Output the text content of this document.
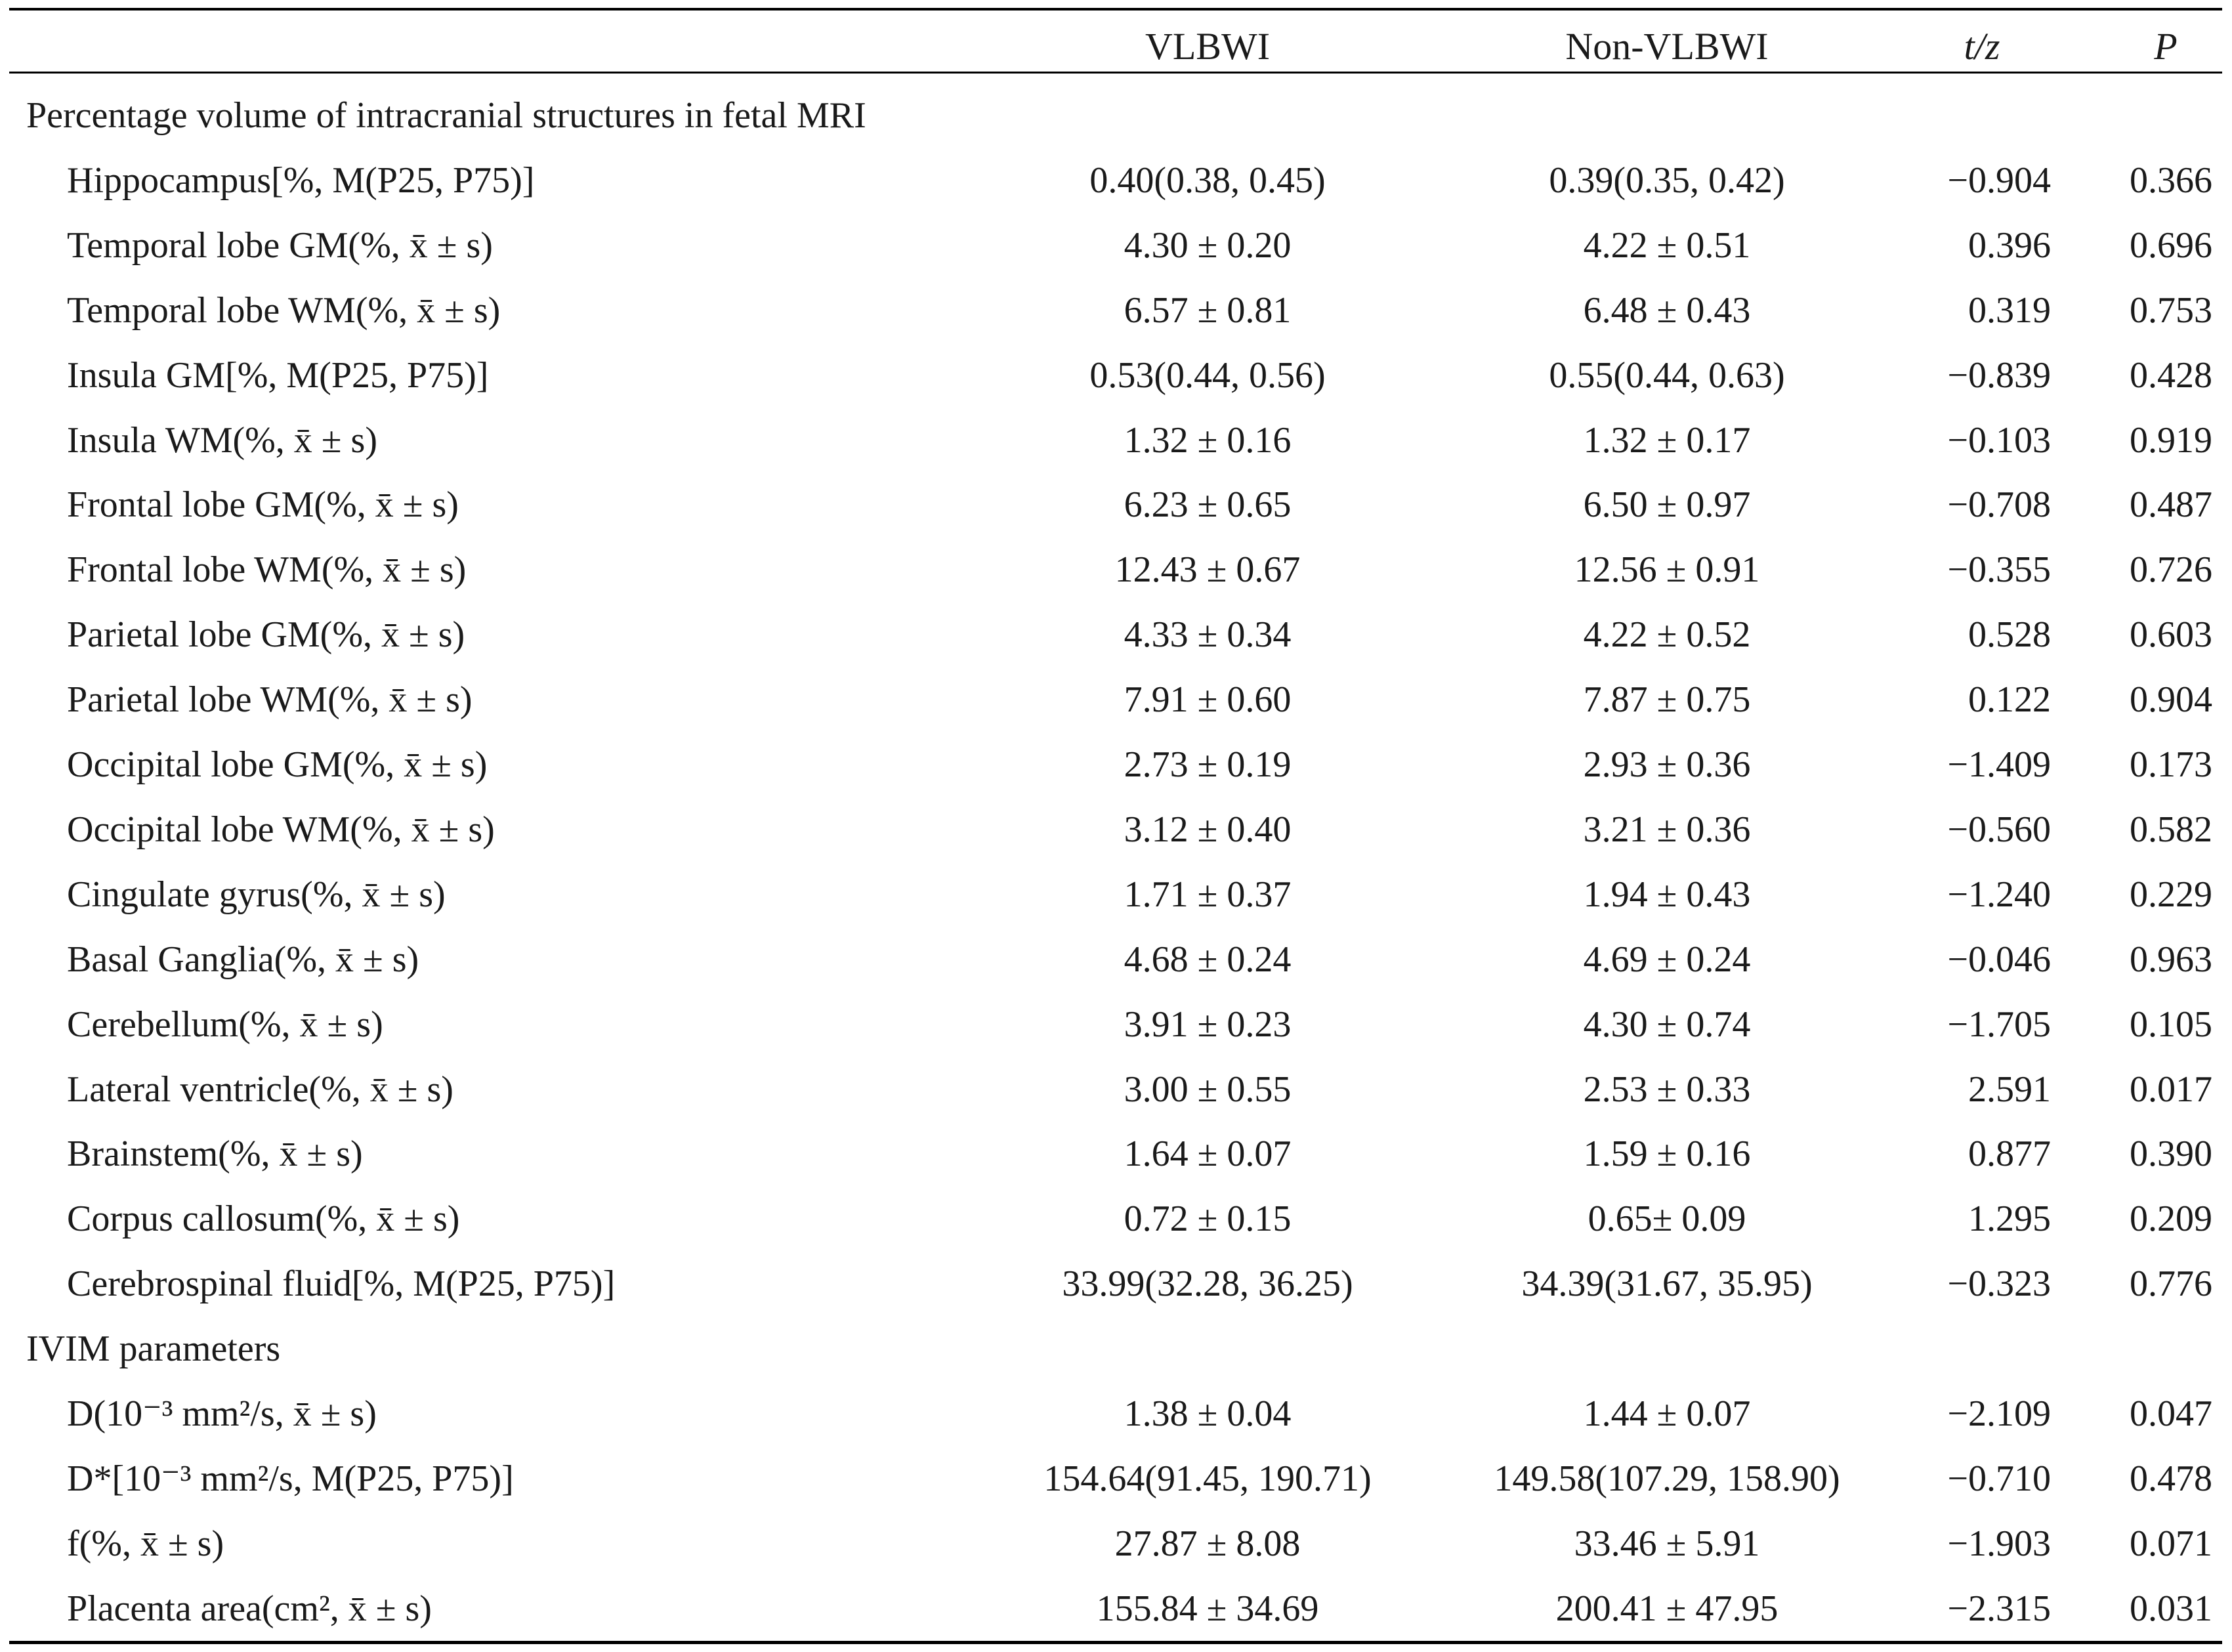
VLBWI	Non-VLBWI	t/z	P
Percentage volume of intracranial structures in fetal MRI
Hippocampus[%, M(P25, P75)]	0.40(0.38, 0.45)	0.39(0.35, 0.42)	−0.904 0.366
Temporal lobe GM(%, x̄ ± s)	4.30 ± 0.20	4.22 ± 0.51	0.396 0.696
Temporal lobe WM(%, x̄ ± s)	6.57 ± 0.81	6.48 ± 0.43	0.319 0.753
Insula GM[%, M(P25, P75)]	0.53(0.44, 0.56)	0.55(0.44, 0.63)	−0.839 0.428
Insula WM(%, x̄ ± s)	1.32 ± 0.16	1.32 ± 0.17	−0.103 0.919
Frontal lobe GM(%, x̄ ± s)	6.23 ± 0.65	6.50 ± 0.97	−0.708 0.487
Frontal lobe WM(%, x̄ ± s)	12.43 ± 0.67	12.56 ± 0.91	−0.355 0.726
Parietal lobe GM(%, x̄ ± s)	4.33 ± 0.34	4.22 ± 0.52	0.528 0.603
Parietal lobe WM(%, x̄ ± s)	7.91 ± 0.60	7.87 ± 0.75	0.122 0.904
Occipital lobe GM(%, x̄ ± s)	2.73 ± 0.19	2.93 ± 0.36	−1.409 0.173
Occipital lobe WM(%, x̄ ± s)	3.12 ± 0.40	3.21 ± 0.36	−0.560 0.582
Cingulate gyrus(%, x̄ ± s)	1.71 ± 0.37	1.94 ± 0.43	−1.240 0.229
Basal Ganglia(%, x̄ ± s)	4.68 ± 0.24	4.69 ± 0.24	−0.046 0.963
Cerebellum(%, x̄ ± s)	3.91 ± 0.23	4.30 ± 0.74	−1.705 0.105
Lateral ventricle(%, x̄ ± s)	3.00 ± 0.55	2.53 ± 0.33	2.591 0.017
Brainstem(%, x̄ ± s)	1.64 ± 0.07	1.59 ± 0.16	0.877 0.390
Corpus callosum(%, x̄ ± s)	0.72 ± 0.15	0.65± 0.09	1.295 0.209
Cerebrospinal fluid[%, M(P25, P75)]	33.99(32.28, 36.25)	34.39(31.67, 35.95)	−0.323 0.776
IVIM parameters
D(10⁻³ mm²/s, x̄ ± s)	1.38 ± 0.04	1.44 ± 0.07	−2.109 0.047
D*[10⁻³ mm²/s, M(P25, P75)]	154.64(91.45, 190.71)	149.58(107.29, 158.90)	−0.710 0.478
f(%, x̄ ± s)	27.87 ± 8.08	33.46 ± 5.91	−1.903 0.071
Placenta area(cm², x̄ ± s)	155.84 ± 34.69	200.41 ± 47.95	−2.315 0.031
